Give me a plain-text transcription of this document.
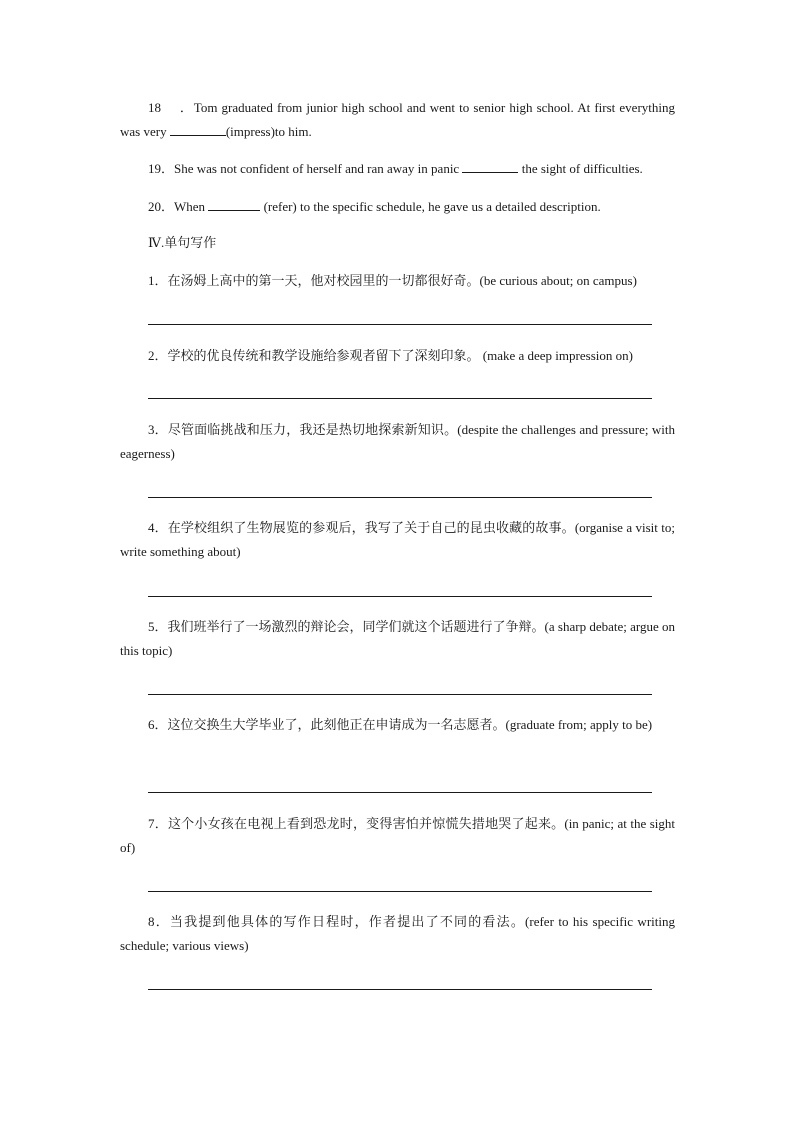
18 ．Tom graduated from junior high school and went to senior high school. At first everything was very	(impress)to him.

19．She was not confident of herself and ran away in panic	the sight of difficulties.

20．When	(refer) to the specific schedule, he gave us a detailed description.

Ⅳ.单句写作

1．在汤姆上高中的第一天，他对校园里的一切都很好奇。(be curious about; on campus)

2．学校的优良传统和教学设施给参观者留下了深刻印象。 (make a deep impression on)

3．尽管面临挑战和压力，我还是热切地探索新知识。(despite the challenges and pressure; with eagerness)

4．在学校组织了生物展览的参观后，我写了关于自己的昆虫收藏的故事。(organise a visit to; write something about)

5．我们班举行了一场激烈的辩论会，同学们就这个话题进行了争辩。(a sharp debate; argue on this topic)

6．这位交换生大学毕业了，此刻他正在申请成为一名志愿者。(graduate from; apply to be)

7．这个小女孩在电视上看到恐龙时，变得害怕并惊慌失措地哭了起来。(in panic; at the sight of)

8．当我提到他具体的写作日程时，作者提出了不同的看法。(refer to his specific writing schedule; various views)
